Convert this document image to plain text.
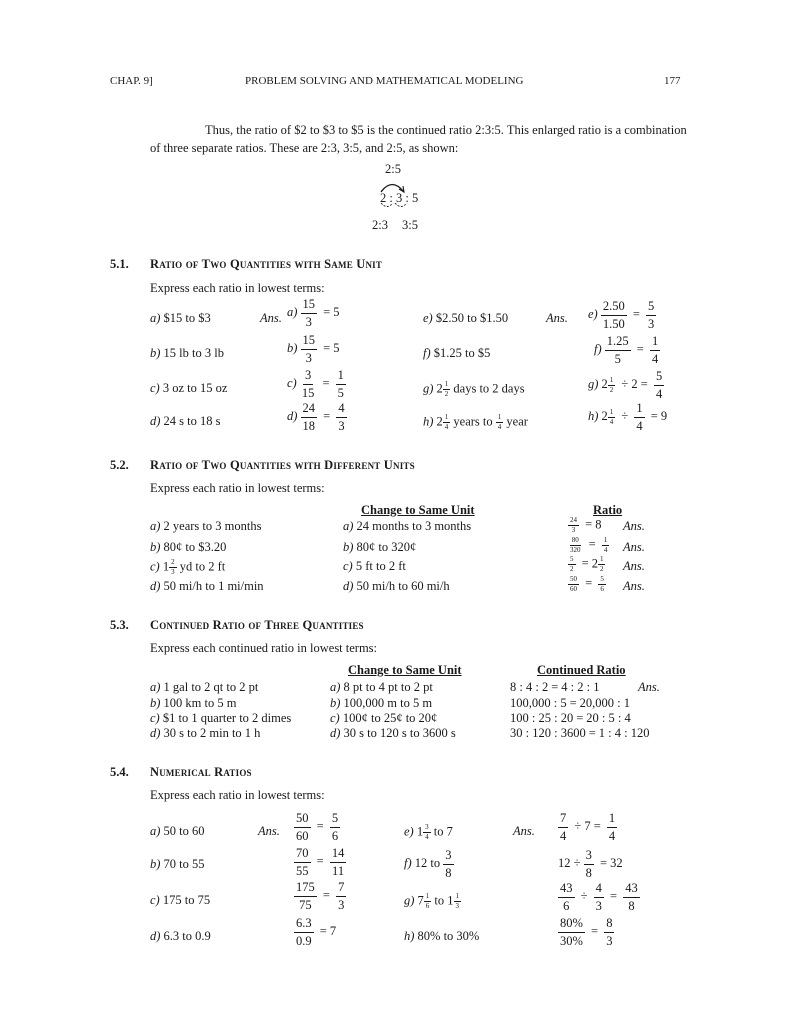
CHAP. 9]	PROBLEM SOLVING AND MATHEMATICAL MODELING	177
Thus, the ratio of $2 to $3 to $5 is the continued ratio 2:3:5. This enlarged ratio is a combination of three separate ratios. These are 2:3, 3:5, and 2:5, as shown:
2:5
2 : 3 : 5
2:3 3:5
5.1. Ratio of Two Quantities with Same Unit
Express each ratio in lowest terms:
a) $15 to $3	Ans. $a) \frac{15}{3} = 5$
b) 15 lb to 3 lb	$b) \frac{15}{3} = 5$
c) 3 oz to 15 oz	$c) \frac{3}{15} = \frac{1}{5}$
d) 24 s to 18 s	$d) \frac{24}{18} = \frac{4}{3}$
e) $2.50 to $1.50	Ans. $e) \frac{2.50}{1.50} = \frac{5}{3}$
f) $1.25 to $5	$f) \frac{1.25}{5} = \frac{1}{4}$
g) $2 \frac{1}{2}$ days to 2 days	g) $2 \frac{1}{2} \div 2 = \frac{5}{4}$
h) $2 \frac{1}{4}$ years to $\frac{1}{4}$ year	h) $2 \frac{1}{4} \div \frac{1}{4} = 9$
5.2. Ratio of Two Quantities with Different Units
Express each ratio in lowest terms:
Change to Same Unit	Ratio
a) 2 years to 3 months	a) 24 months to 3 months	$\frac{24}{3} = 8$ Ans.
b) 80¢ to $3.20	b) 80¢ to 320¢	$\frac{80}{320} = \frac{1}{4}$ Ans.
c) $1 \frac{2}{3}$ yd to 2 ft	c) 5 ft to 2 ft	$\frac{5}{2} = 2 \frac{1}{2}$ Ans.
d) 50 mi/h to 1 mi/min	d) 50 mi/h to 60 mi/h	$\frac{50}{60} = \frac{5}{6}$ Ans.
5.3. Continued Ratio of Three Quantities
Express each continued ratio in lowest terms:
Change to Same Unit	Continued Ratio
a) 1 gal to 2 qt to 2 pt	a) 8 pt to 4 pt to 2 pt	8 : 4 : 2 = 4 : 2 : 1	Ans.
b) 100 km to 5 m	b) 100,000 m to 5 m	100,000 : 5 = 20,000 : 1
c) $1 to 1 quarter to 2 dimes	c) 100¢ to 25¢ to 20¢	100 : 25 : 20 = 20 : 5 : 4
d) 30 s to 2 min to 1 h	d) 30 s to 120 s to 3600 s	30 : 120 : 3600 = 1 : 4 : 120
5.4. Numerical Ratios
Express each ratio in lowest terms:
a) 50 to 60	Ans. $\frac{50}{60} = \frac{5}{6}$
b) 70 to 55	$\frac{70}{55} = \frac{14}{11}$
c) 175 to 75	$\frac{175}{75} = \frac{7}{3}$
d) 6.3 to 0.9	$\frac{6.3}{0.9} = 7$
e) $1 \frac{3}{4}$ to 7	Ans. $\frac{7}{4} \div 7 = \frac{1}{4}$
f) 12 to $\frac{3}{8}$	$12 \div \frac{3}{8} = 32$
g) $7 \frac{1}{6}$ to $1 \frac{1}{3}$	$\frac{43}{6} \div \frac{4}{3} = \frac{43}{8}$
h) 80% to 30%	$\frac{80\%}{30\%} = \frac{8}{3}$
